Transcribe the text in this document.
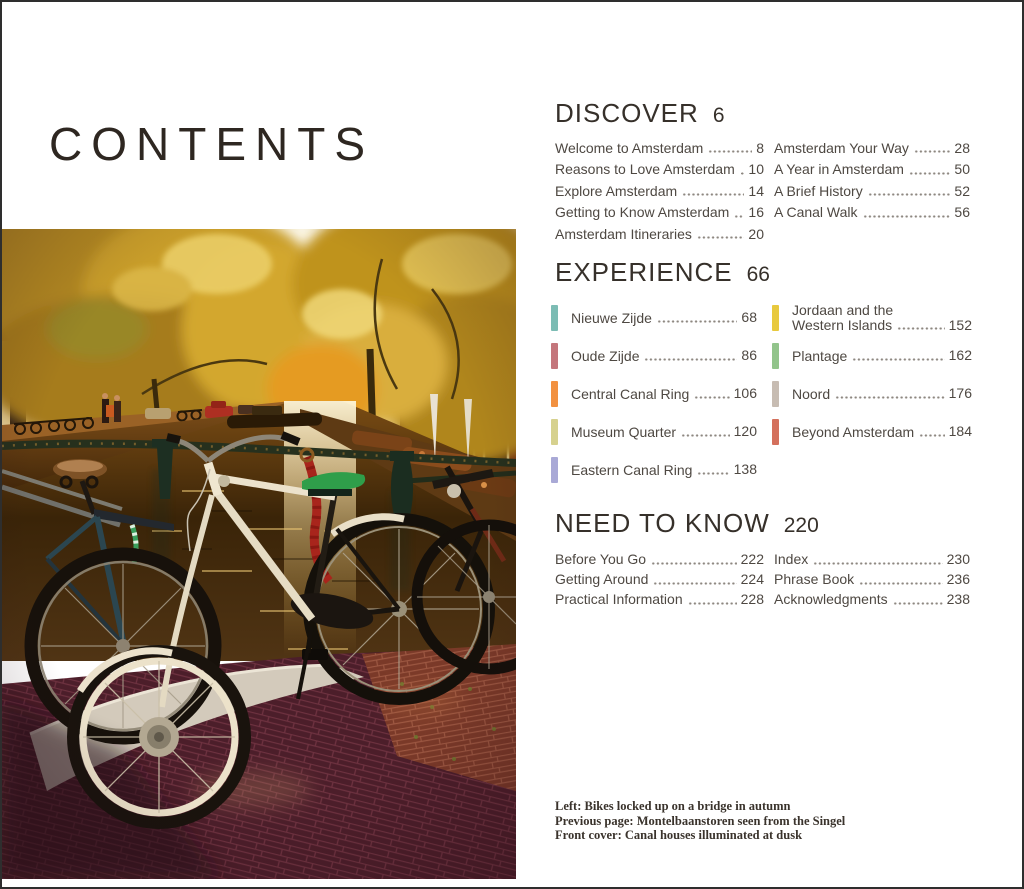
CONTENTS
DISCOVER 6
Welcome to Amsterdam	8
Reasons to Love Amsterdam 10
Explore Amsterdam	14
Getting to Know Amsterdam 16
Amsterdam Itineraries	20
Amsterdam Your Way	28
A Year in Amsterdam	50
A Brief History	52
A Canal Walk	56
EXPERIENCE 66
Nieuwe Zijde	68
Oude Zijde	86
Central Canal Ring	106
Museum Quarter	120
Eastern Canal Ring	138
Jordaan and the
Western Islands	152
Plantage	162
Noord	176
Beyond Amsterdam 184
NEED TO KNOW 220
Before You Go	222
Getting Around	224
Practical Information	228
Index	230
Phrase Book	236
Acknowledgments	238
Left: Bikes locked up on a bridge in autumn
Previous page: Montelbaanstoren seen from the Singel
Front cover: Canal houses illuminated at dusk
